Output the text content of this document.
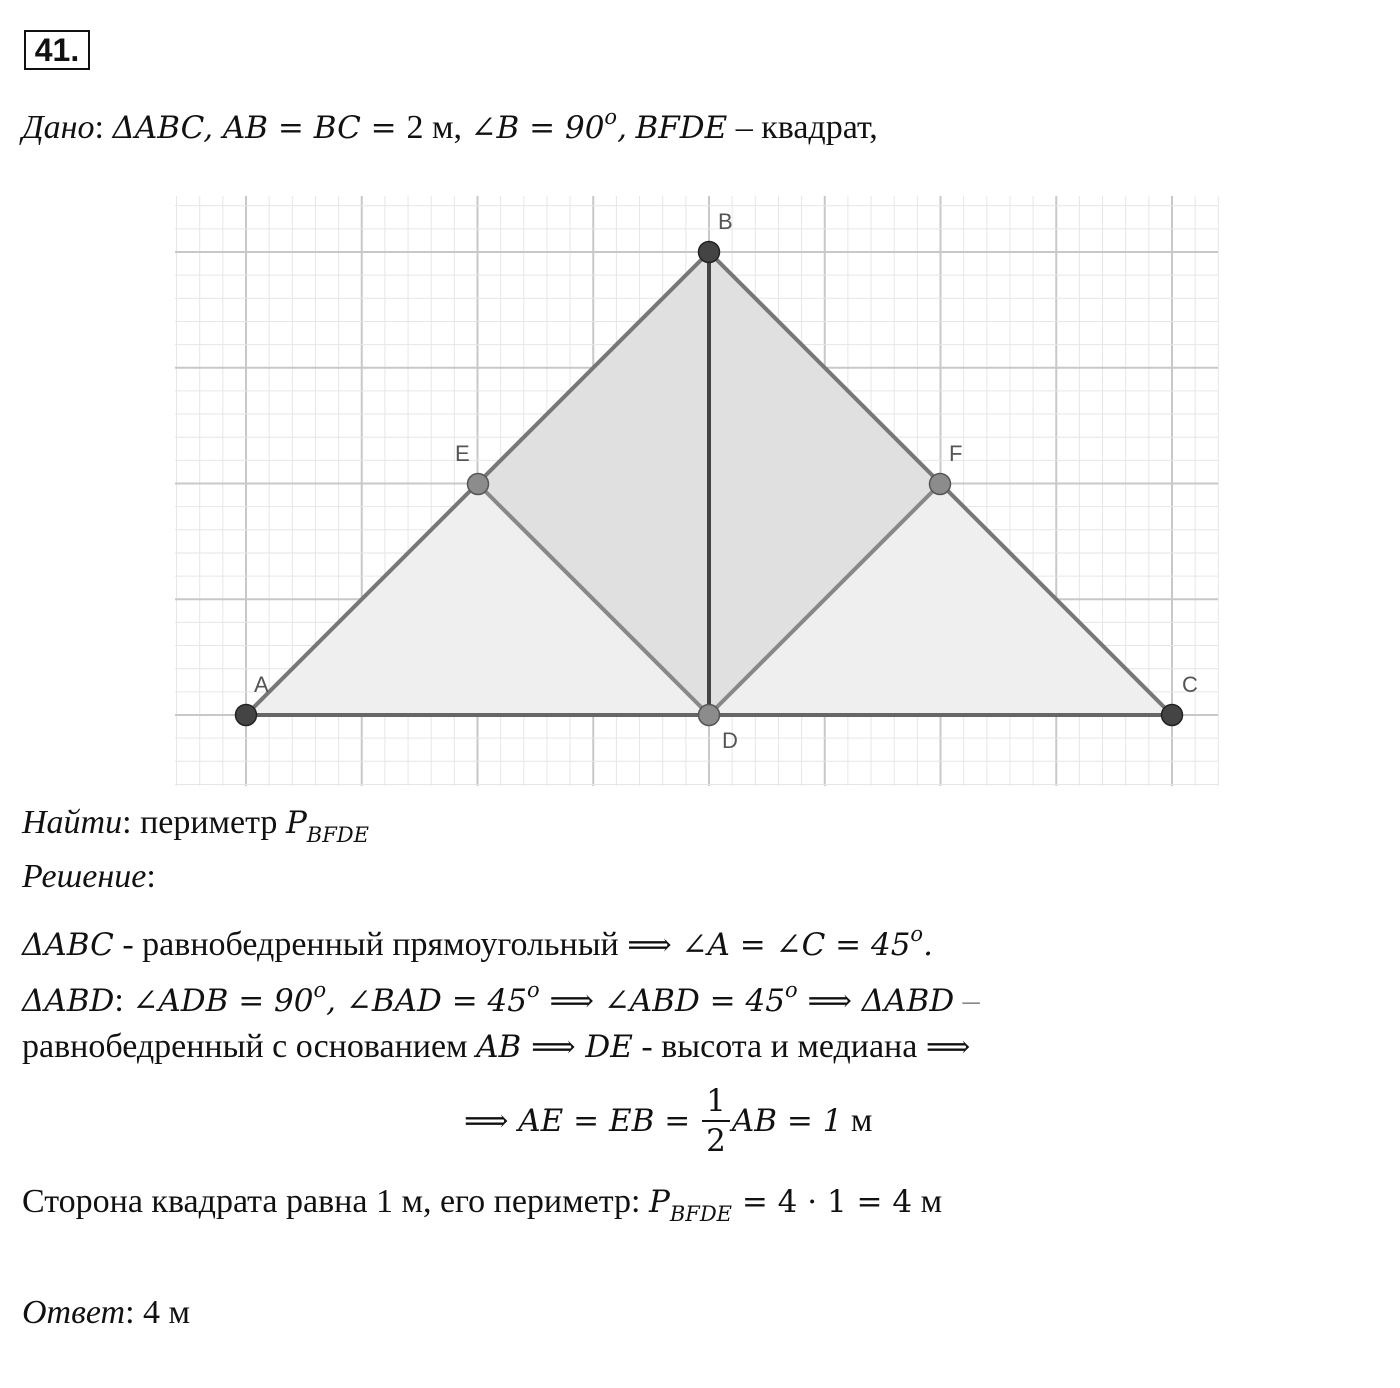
41.
Дано: ΔABC, AB = BC = 2 м, ∠B = $90^o$, BFDE – квадрат,
A
B
C
D
E	F
Найти: периметр $P_{BFDE}$
Решение:
ΔABC - равнобедренный прямоугольный ⟹ ∠A = ∠C = $45^o$.
ΔABD: ∠ADB = $90^o$, ∠BAD = $45^o$ ⟹ ∠ABD = $45^o$ ⟹ ΔABD –
равнобедренный с основанием AB ⟹ DE - высота и медиана ⟹
⟹ AE = EB = $\frac{1}{2}$ AB = 1 м
Сторона квадрата равна 1 м, его периметр: $P_{BFDE} = 4 \cdot 1 = 4$ м
Ответ: 4 м
